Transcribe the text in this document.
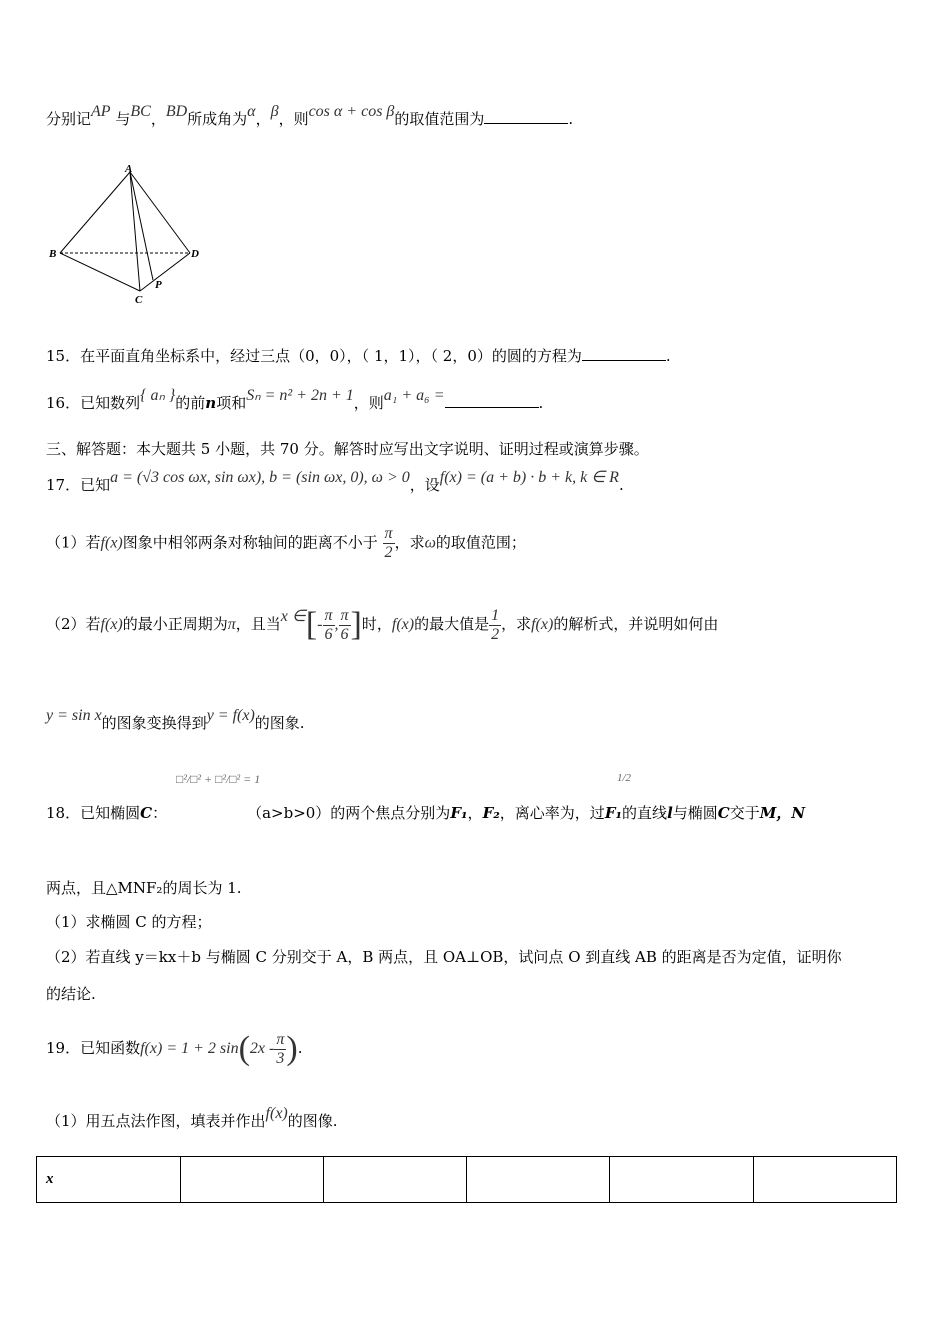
分别记AP 与BC，BD所成角为α，β，则cos α + cos β的取值范围为	.
A
B	D
C
P
15．在平面直角坐标系中，经过三点（0，0），（ 1，1），（ 2，0）的圆的方程为	.
16．已知数列{ aₙ }的前n项和Sₙ = n² + 2n + 1，则a₁ + a₆ =	.
三、解答题：本大题共 5 小题，共 70 分。解答时应写出文字说明、证明过程或演算步骤。
17．已知a = (√3 cos ωx, sin ωx), b = (sin ωx, 0), ω > 0，设f(x) = (a + b) · b + k, k ∈ R.
（1）若f(x)图象中相邻两条对称轴间的距离不小于 $\frac{\pi}{2}$ ，求ω的取值范围；
（2）若f(x)的最小正周期为π，且当x ∈[- $\frac{\pi}{6}$ , $\frac{\pi}{6}$ ]时，f(x)的最大值是 $\frac{1}{2}$ ，求f(x)的解析式，并说明如何由
y = sin x的图象变换得到y = f(x)的图象.
□²/□² + □²/□² = 1	1/2
18．已知椭圆C：	（a>b>0）的两个焦点分别为F₁，F₂，离心率为，过F₁的直线l与椭圆C交于M，N
两点，且△MNF₂的周长为 1.
（1）求椭圆 C 的方程；
（2）若直线 y＝kx＋b 与椭圆 C 分别交于 A，B 两点，且 OA⊥OB，试问点 O 到直线 AB 的距离是否为定值，证明你
的结论.
19．已知函数f(x) = 1 + 2 $\sin(2x - \frac{\pi}{3}$ ).
（1）用五点法作图，填表并作出f(x)的图像.
x					
